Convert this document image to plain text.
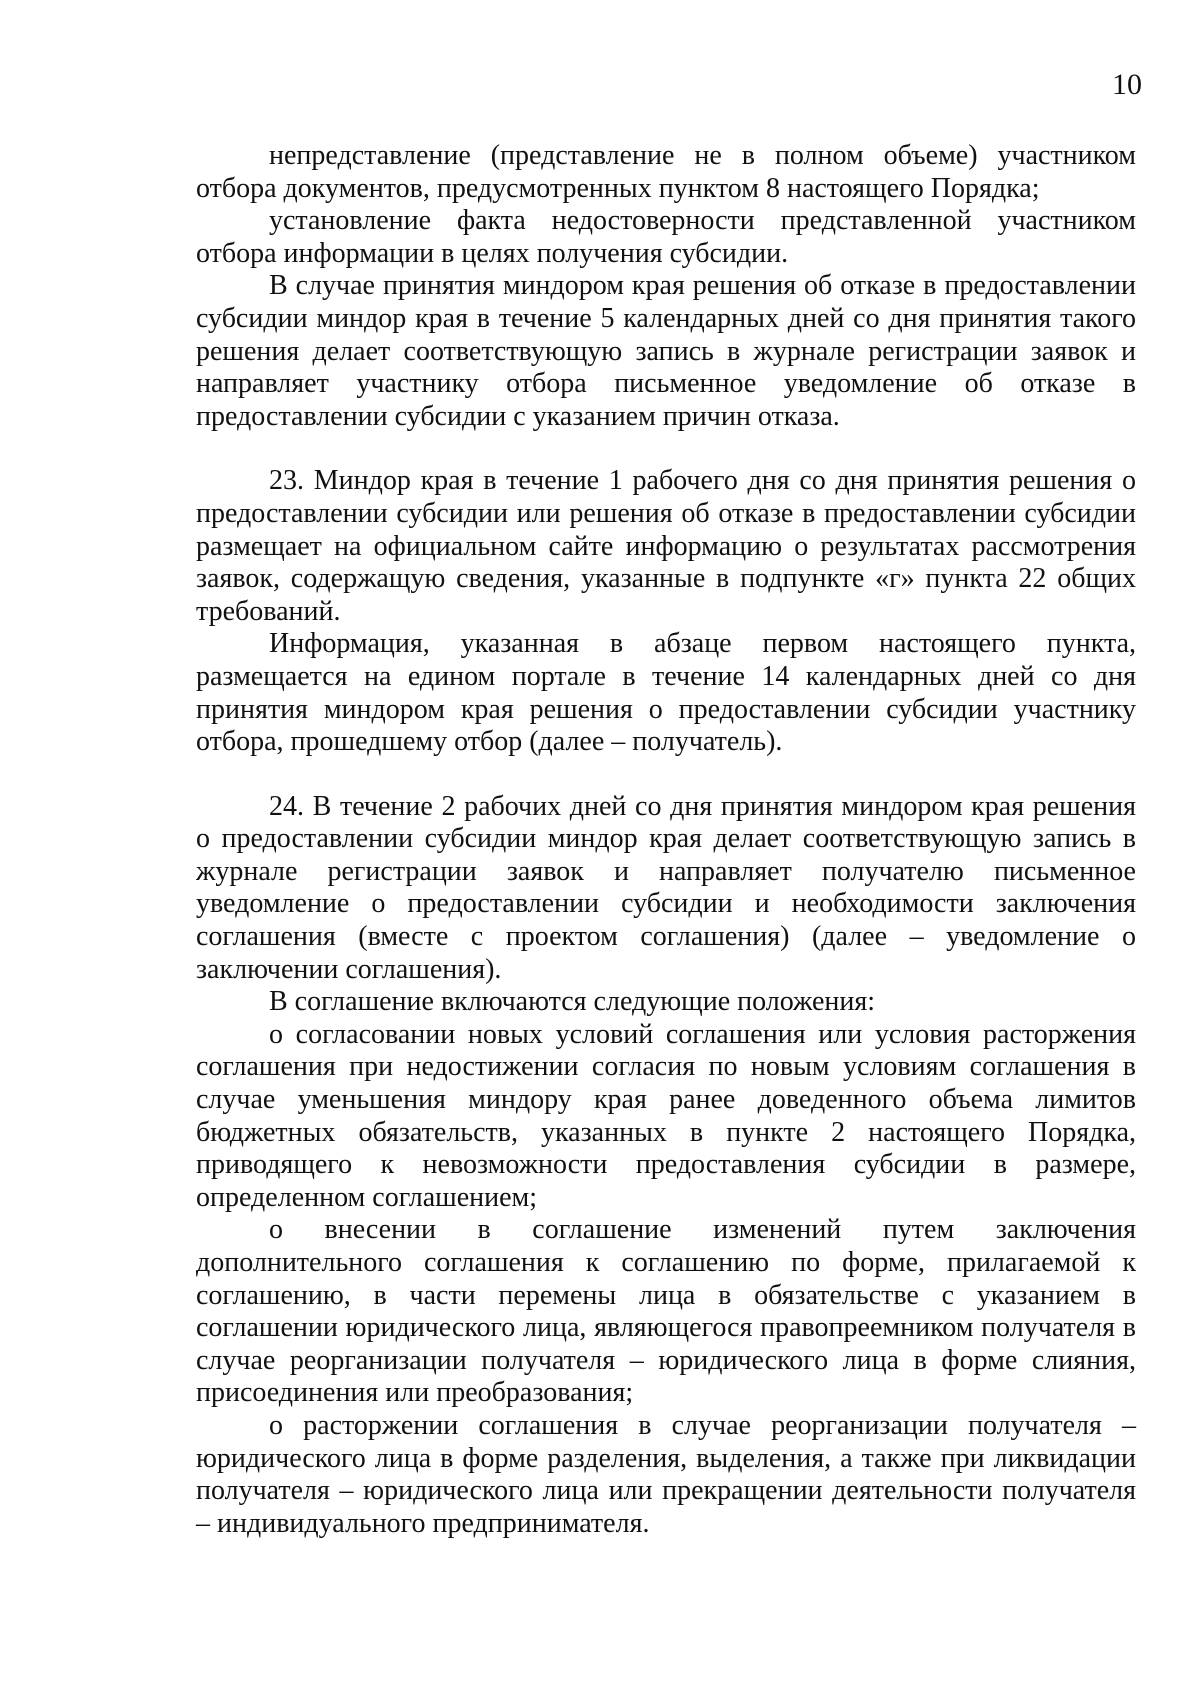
10

непредставление (представление не в полном объеме) участником отбора документов, предусмотренных пунктом 8 настоящего Порядка;

установление факта недостоверности представленной участником отбора информации в целях получения субсидии.

В случае принятия миндором края решения об отказе в предоставлении субсидии миндор края в течение 5 календарных дней со дня принятия такого решения делает соответствующую запись в журнале регистрации заявок и направляет участнику отбора письменное уведомление об отказе в предоставлении субсидии с указанием причин отказа.

23. Миндор края в течение 1 рабочего дня со дня принятия решения о предоставлении субсидии или решения об отказе в предоставлении субсидии размещает на официальном сайте информацию о результатах рассмотрения заявок, содержащую сведения, указанные в подпункте «г» пункта 22 общих требований.

Информация, указанная в абзаце первом настоящего пункта, размещается на едином портале в течение 14 календарных дней со дня принятия миндором края решения о предоставлении субсидии участнику отбора, прошедшему отбор (далее – получатель).

24. В течение 2 рабочих дней со дня принятия миндором края решения о предоставлении субсидии миндор края делает соответствующую запись в журнале регистрации заявок и направляет получателю письменное уведомление о предоставлении субсидии и необходимости заключения соглашения (вместе с проектом соглашения) (далее – уведомление о заключении соглашения).

В соглашение включаются следующие положения:

о согласовании новых условий соглашения или условия расторжения соглашения при недостижении согласия по новым условиям соглашения в случае уменьшения миндору края ранее доведенного объема лимитов бюджетных обязательств, указанных в пункте 2 настоящего Порядка, приводящего к невозможности предоставления субсидии в размере, определенном соглашением;

о внесении в соглашение изменений путем заключения дополнительного соглашения к соглашению по форме, прилагаемой к соглашению, в части перемены лица в обязательстве с указанием в соглашении юридического лица, являющегося правопреемником получателя в случае реорганизации получателя – юридического лица в форме слияния, присоединения или преобразования;

о расторжении соглашения в случае реорганизации получателя – юридического лица в форме разделения, выделения, а также при ликвидации получателя – юридического лица или прекращении деятельности получателя – индивидуального предпринимателя.
